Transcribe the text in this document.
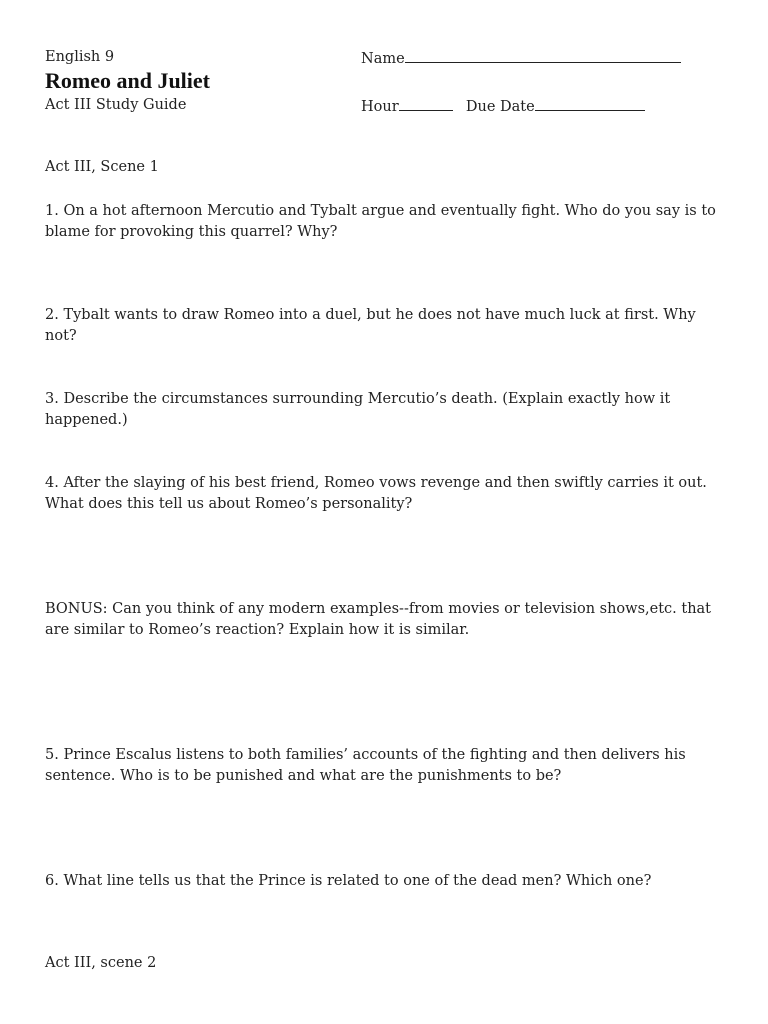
English 9
Romeo and Juliet
Act III Study Guide
Name
Hour	Due Date
Act III, Scene 1
1. On a hot afternoon Mercutio and Tybalt argue and eventually fight. Who do you say is to blame for provoking this quarrel? Why?
2. Tybalt wants to draw Romeo into a duel, but he does not have much luck at first. Why not?
3. Describe the circumstances surrounding Mercutio’s death. (Explain exactly how it happened.)
4. After the slaying of his best friend, Romeo vows revenge and then swiftly carries it out. What does this tell us about Romeo’s personality?
BONUS: Can you think of any modern examples--from movies or television shows,etc. that are similar to Romeo’s reaction? Explain how it is similar.
5. Prince Escalus listens to both families’ accounts of the fighting and then delivers his sentence. Who is to be punished and what are the punishments to be?
6. What line tells us that the Prince is related to one of the dead men? Which one?
Act III, scene 2
